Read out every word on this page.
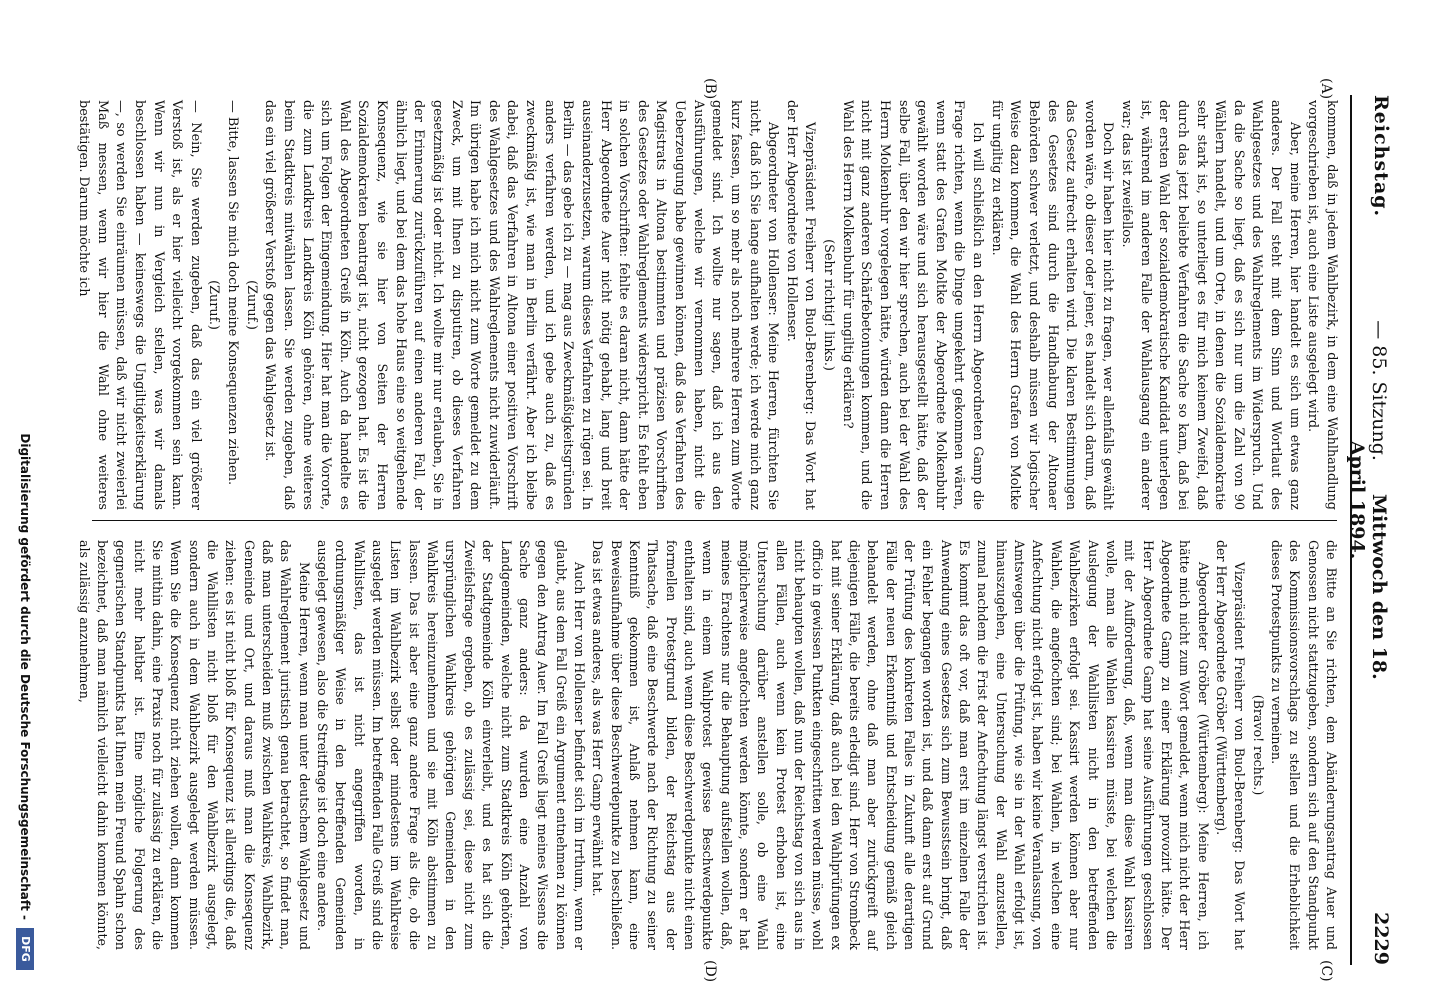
Reichstag.
— 85. Sitzung.     Mittwoch den 18. April 1894.
2229
(A)
(B)
(C)
(D)

kommen, daß in jedem Wahlbezirk, in dem eine Wahlhandlung vorgeschrieben ist, auch eine Liste ausgelegt wird.

Aber, meine Herren, hier handelt es sich um etwas ganz anderes. Der Fall steht mit dem Sinn und Wortlaut des Wahlgesetzes und des Wahlreglements im Widerspruch. Und da die Sache so liegt, daß es sich nur um die Zahl von 90 Wählern handelt, und um Orte, in denen die Sozialdemokratie sehr stark ist, so unterliegt es für mich keinem Zweifel, daß durch das jetzt beliebte Verfahren die Sache so kam, daß bei der ersten Wahl der sozialdemokratische Kandidat unterlegen ist, während im anderen Falle der Wahlausgang ein anderer war; das ist zweifellos.

Doch wir haben hier nicht zu fragen, wer allenfalls gewählt worden wäre, ob dieser oder jener, es handelt sich darum, daß das Gesetz aufrecht erhalten wird. Die klaren Bestimmungen des Gesetzes sind durch die Handhabung der Altonaer Behörden schwer verletzt, und deshalb müssen wir logischer Weise dazu kommen, die Wahl des Herrn Grafen von Moltke für ungiltig zu erklären.

Ich will schließlich an den Herrn Abgeordneten Gamp die Frage richten, wenn die Dinge umgekehrt gekommen wären, wenn statt des Grafen Moltke der Abgeordnete Molkenbuhr gewählt worden wäre und sich herausgestellt hätte, daß der selbe Fall, über den wir hier sprechen, auch bei der Wahl des Herrn Molkenbuhr vorgelegen hätte, würden dann die Herren nicht mit ganz anderen Schärfebetonungen kommen, und die Wahl des Herrn Molkenbuhr für ungiltig erklären?

(Sehr richtig! links.)

Vizepräsident Freiherr von Buol-Berenberg: Das Wort hat der Herr Abgeordnete von Hollenser.

Abgeordneter von Hollenser: Meine Herren, fürchten Sie nicht, daß ich Sie lange aufhalten werde; ich werde mich ganz kurz fassen, um so mehr als noch mehrere Herren zum Worte gemeldet sind. Ich wollte nur sagen, daß ich aus den Ausführungen, welche wir vernommen haben, nicht die Ueberzeugung habe gewinnen können, daß das Verfahren des Magistrats in Altona bestimmten und präzisen Vorschriften des Gesetzes oder Wahlreglements widerspricht. Es fehlt eben in solchen Vorschriften: fehlte es daran nicht, dann hätte der Herr Abgeordnete Auer nicht nötig gehabt, lang und breit auseinanderzusetzen, warum dieses Verfahren zu rügen sei. In Berlin — das gebe ich zu — mag aus Zweckmäßigkeitsgründen anders verfahren werden, und ich gebe auch zu, daß es zweckmäßig ist, wie man in Berlin verfährt. Aber ich bleibe dabei, daß das Verfahren in Altona einer positiven Vorschrift des Wahlgesetzes und des Wahlreglements nicht zuwiderläuft. Im übrigen habe ich mich nicht zum Worte gemeldet zu dem Zweck, um mit Ihnen zu disputiren, ob dieses Verfahren gesetzmäßig ist oder nicht. Ich wollte mir nur erlauben, Sie in der Erinnerung zurückzuführen auf einen anderen Fall, der ähnlich liegt, und bei dem das hohe Haus eine so weitgehende Konsequenz, wie sie hier von Seiten der Herren Sozialdemokraten beantragt ist, nicht gezogen hat. Es ist die Wahl des Abgeordneten Greiß in Köln. Auch da handelte es sich um Folgen der Eingemeindung. Hier hat man die Vororte, die zum Landkreis Landkreis Köln gehören, ohne weiteres beim Stadtkreis mitwählen lassen. Sie werden zugeben, daß das ein viel größerer Verstoß gegen das Wahlgesetz ist.

(Zuruf.)

— Bitte, lassen Sie mich doch meine Konsequenzen ziehen.

(Zuruf.)

— Nein, Sie werden zugeben, daß das ein viel größerer Verstoß ist, als er hier vielleicht vorgekommen sein kann. Wenn wir nun in Vergleich stellen, was wir damals beschlossen haben — keineswegs die Ungiltigkeitserklärung —, so werden Sie einräumen müssen, daß wir nicht zweierlei Maß messen, wenn wir hier die Wahl ohne weiteres bestätigen. Darum möchte ich

die Bitte an Sie richten, dem Abänderungsantrag Auer und Genossen nicht stattzugeben, sondern sich auf den Standpunkt des Kommissionsvorschlags zu stellen und die Erheblichkeit dieses Protestpunkts zu verneinen.

(Bravo! rechts.)

Vizepräsident Freiherr von Buol-Berenberg: Das Wort hat der Herr Abgeordnete Gröber (Württemberg).

Abgeordneter Gröber (Württemberg): Meine Herren, ich hätte mich nicht zum Wort gemeldet, wenn mich nicht der Herr Abgeordnete Gamp zu einer Erklärung provozirt hätte. Der Herr Abgeordnete Gamp hat seine Ausführungen geschlossen mit der Aufforderung, daß, wenn man diese Wahl kassiren wolle, man alle Wahlen kassiren müsste, bei welchen die Auslegung der Wahllisten nicht in den betreffenden Wahlbezirken erfolgt sei. Kassirt werden können aber nur Wahlen, die angefochten sind; bei Wahlen, in welchen eine Anfechtung nicht erfolgt ist, haben wir keine Veranlassung, von Amtswegen über die Prüfung, wie sie in der Wahl erfolgt ist, hinauszugehen, eine Untersuchung der Wahl anzustellen, zumal nachdem die Frist der Anfechtung längst verstrichen ist. Es kommt das oft vor, daß man erst im einzelnen Falle der Anwendung eines Gesetzes sich zum Bewusstsein bringt, daß ein Fehler begangen worden ist, und daß dann erst auf Grund der Prüfung des konkreten Falles in Zukunft alle derartigen Fälle der neuen Erkenntniß und Entscheidung gemäß gleich behandelt werden, ohne daß man aber zurückgreift auf diejenigen Fälle, die bereits erledigt sind. Herr von Strombeck hat mit seiner Erklärung, daß auch bei den Wahlprüfungen ex officio in gewissen Punkten eingeschritten werden müsse, wohl nicht behaupten wollen, daß nun der Reichstag von sich aus in allen Fällen, auch wenn kein Protest erhoben ist, eine Untersuchung darüber anstellen solle, ob eine Wahl möglicherweise angefochten werden könnte, sondern er hat meines Erachtens nur die Behauptung aufstellen wollen, daß, wenn in einem Wahlprotest gewisse Beschwerdepunkte enthalten sind, auch wenn diese Beschwerdepunkte nicht einen formellen Protestgrund bilden, der Reichstag aus der Thatsache, daß eine Beschwerde nach der Richtung zu seiner Kenntniß gekommen ist, Anlaß nehmen kann, eine Beweisaufnahme über diese Beschwerdepunkte zu beschließen. Das ist etwas anderes, als was Herr Gamp erwähnt hat.

Auch Herr von Hollenser befindet sich im Irrthum, wenn er glaubt, aus dem Fall Greiß ein Argument entnehmen zu können gegen den Antrag Auer. Im Fall Greiß liegt meines Wissens die Sache ganz anders: da wurden eine Anzahl von Landgemeinden, welche nicht zum Stadtkreis Köln gehörten, der Stadtgemeinde Köln einverleibt, und es hat sich die Zweifelsfrage ergeben, ob es zulässig sei, diese nicht zum ursprünglichen Wahlkreis gehörigen Gemeinden in den Wahlkreis hereinzunehmen und sie mit Köln abstimmen zu lassen. Das ist aber eine ganz andere Frage als die, ob die Listen im Wahlbezirk selbst oder mindestens im Wahlkreise ausgelegt werden müssen. Im betreffenden Falle Greiß sind die Wahllisten, das ist nicht angegriffen worden, in ordnungsmäßiger Weise in den betreffenden Gemeinden ausgelegt gewesen, also die Streitfrage ist doch eine andere.

Meine Herren, wenn man unter deutschem Wahlgesetz und das Wahlreglement juristisch genau betrachtet, so findet man, daß man unterscheiden muß zwischen Wahlkreis, Wahlbezirk, Gemeinde und Ort, und daraus muß man die Konsequenz ziehen: es ist nicht bloß für Konsequenz ist allerdings die, daß die Wahllisten nicht bloß für den Wahlbezirk ausgelegt, sondern auch in dem Wahlbezirk ausgelegt werden müssen. Wenn Sie die Konsequenz nicht ziehen wollen, dann kommen Sie mithin dahin, eine Praxis noch für zulässig zu erklären, die nicht mehr haltbar ist. Eine mögliche Folgerung des gegnerischen Standpunkts hat Ihnen mein Freund Spahn schon bezeichnet, daß man nämlich vielleicht dahin kommen könnte, als zulässig anzunehmen,

Digitalisierung gefördert durch die Deutsche Forschungsgemeinschaft -
DFG
